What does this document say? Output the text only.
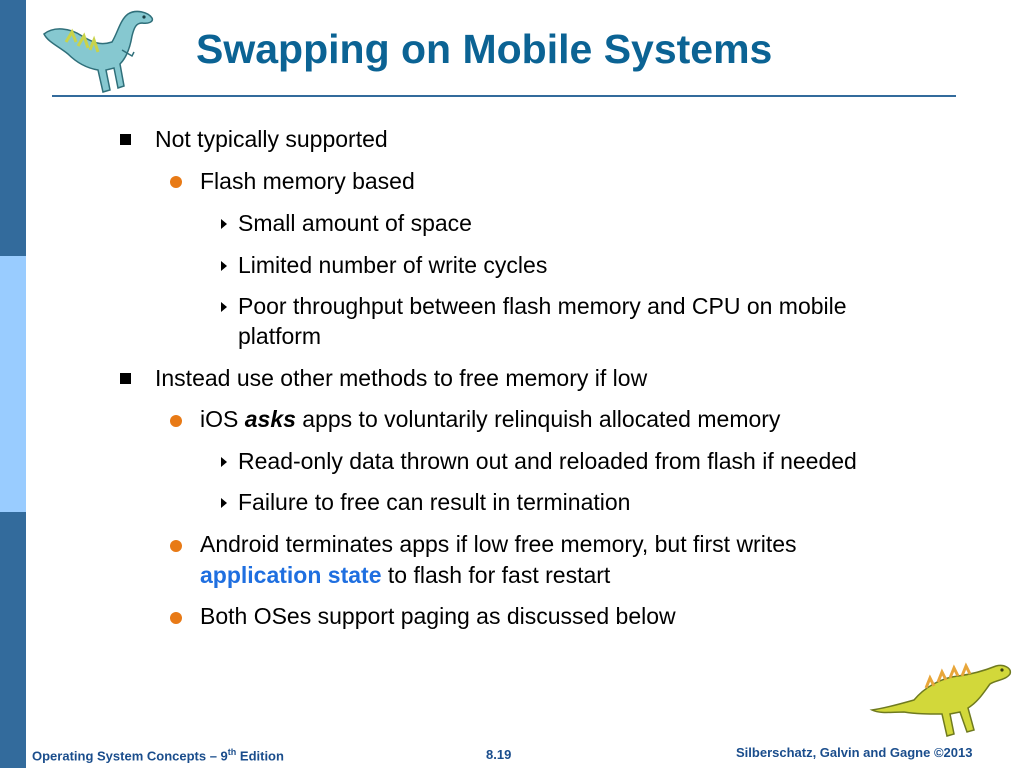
Swapping on Mobile Systems
Not typically supported
Flash memory based
Small amount of space
Limited number of write cycles
Poor throughput between flash memory and CPU on mobile
platform
Instead use other methods to free memory if low
iOS asks apps to voluntarily relinquish allocated memory
Read-only data thrown out and reloaded from flash if needed
Failure to free can result in termination
Android terminates apps if low free memory, but first writes
application state to flash for fast restart
Both OSes support paging as discussed below
Operating System Concepts – 9th Edition	8.19	Silberschatz, Galvin and Gagne ©2013
